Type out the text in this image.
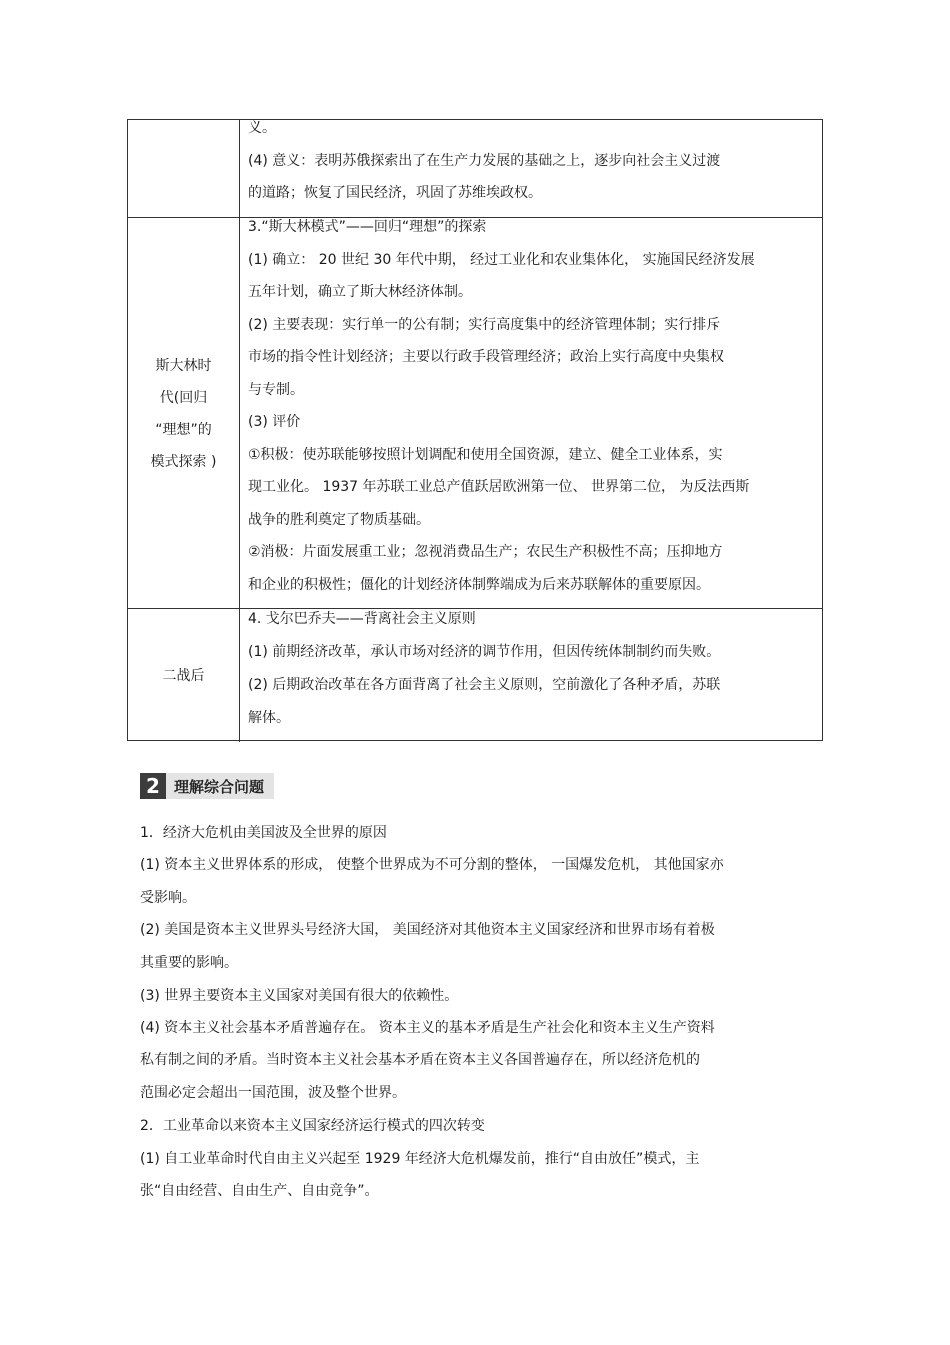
义。
(4) 意义：表明苏俄探索出了在生产力发展的基础之上，逐步向社会主义过渡
的道路；恢复了国民经济，巩固了苏维埃政权。
斯大林时
代(回归
“理想”的
模式探索 )
3.“斯大林模式”——回归“理想”的探索
(1) 确立： 20 世纪 30 年代中期， 经过工业化和农业集体化， 实施国民经济发展
五年计划，确立了斯大林经济体制。
(2) 主要表现：实行单一的公有制；实行高度集中的经济管理体制；实行排斥
市场的指令性计划经济；主要以行政手段管理经济；政治上实行高度中央集权
与专制。
(3) 评价
①积极：使苏联能够按照计划调配和使用全国资源，建立、健全工业体系，实
现工业化。 1937 年苏联工业总产值跃居欧洲第一位、 世界第二位， 为反法西斯
战争的胜利奠定了物质基础。
②消极：片面发展重工业；忽视消费品生产；农民生产积极性不高；压抑地方
和企业的积极性；僵化的计划经济体制弊端成为后来苏联解体的重要原因。
二战后
4. 戈尔巴乔夫——背离社会主义原则
(1) 前期经济改革，承认市场对经济的调节作用，但因传统体制制约而失败。
(2) 后期政治改革在各方面背离了社会主义原则，空前激化了各种矛盾，苏联
解体。
2 理解综合问题
1．经济大危机由美国波及全世界的原因
(1) 资本主义世界体系的形成， 使整个世界成为不可分割的整体， 一国爆发危机， 其他国家亦
受影响。
(2) 美国是资本主义世界头号经济大国， 美国经济对其他资本主义国家经济和世界市场有着极
其重要的影响。
(3) 世界主要资本主义国家对美国有很大的依赖性。
(4) 资本主义社会基本矛盾普遍存在。 资本主义的基本矛盾是生产社会化和资本主义生产资料
私有制之间的矛盾。当时资本主义社会基本矛盾在资本主义各国普遍存在，所以经济危机的
范围必定会超出一国范围，波及整个世界。
2．工业革命以来资本主义国家经济运行模式的四次转变
(1) 自工业革命时代自由主义兴起至 1929 年经济大危机爆发前，推行“自由放任”模式，主
张“自由经营、自由生产、自由竞争”。
